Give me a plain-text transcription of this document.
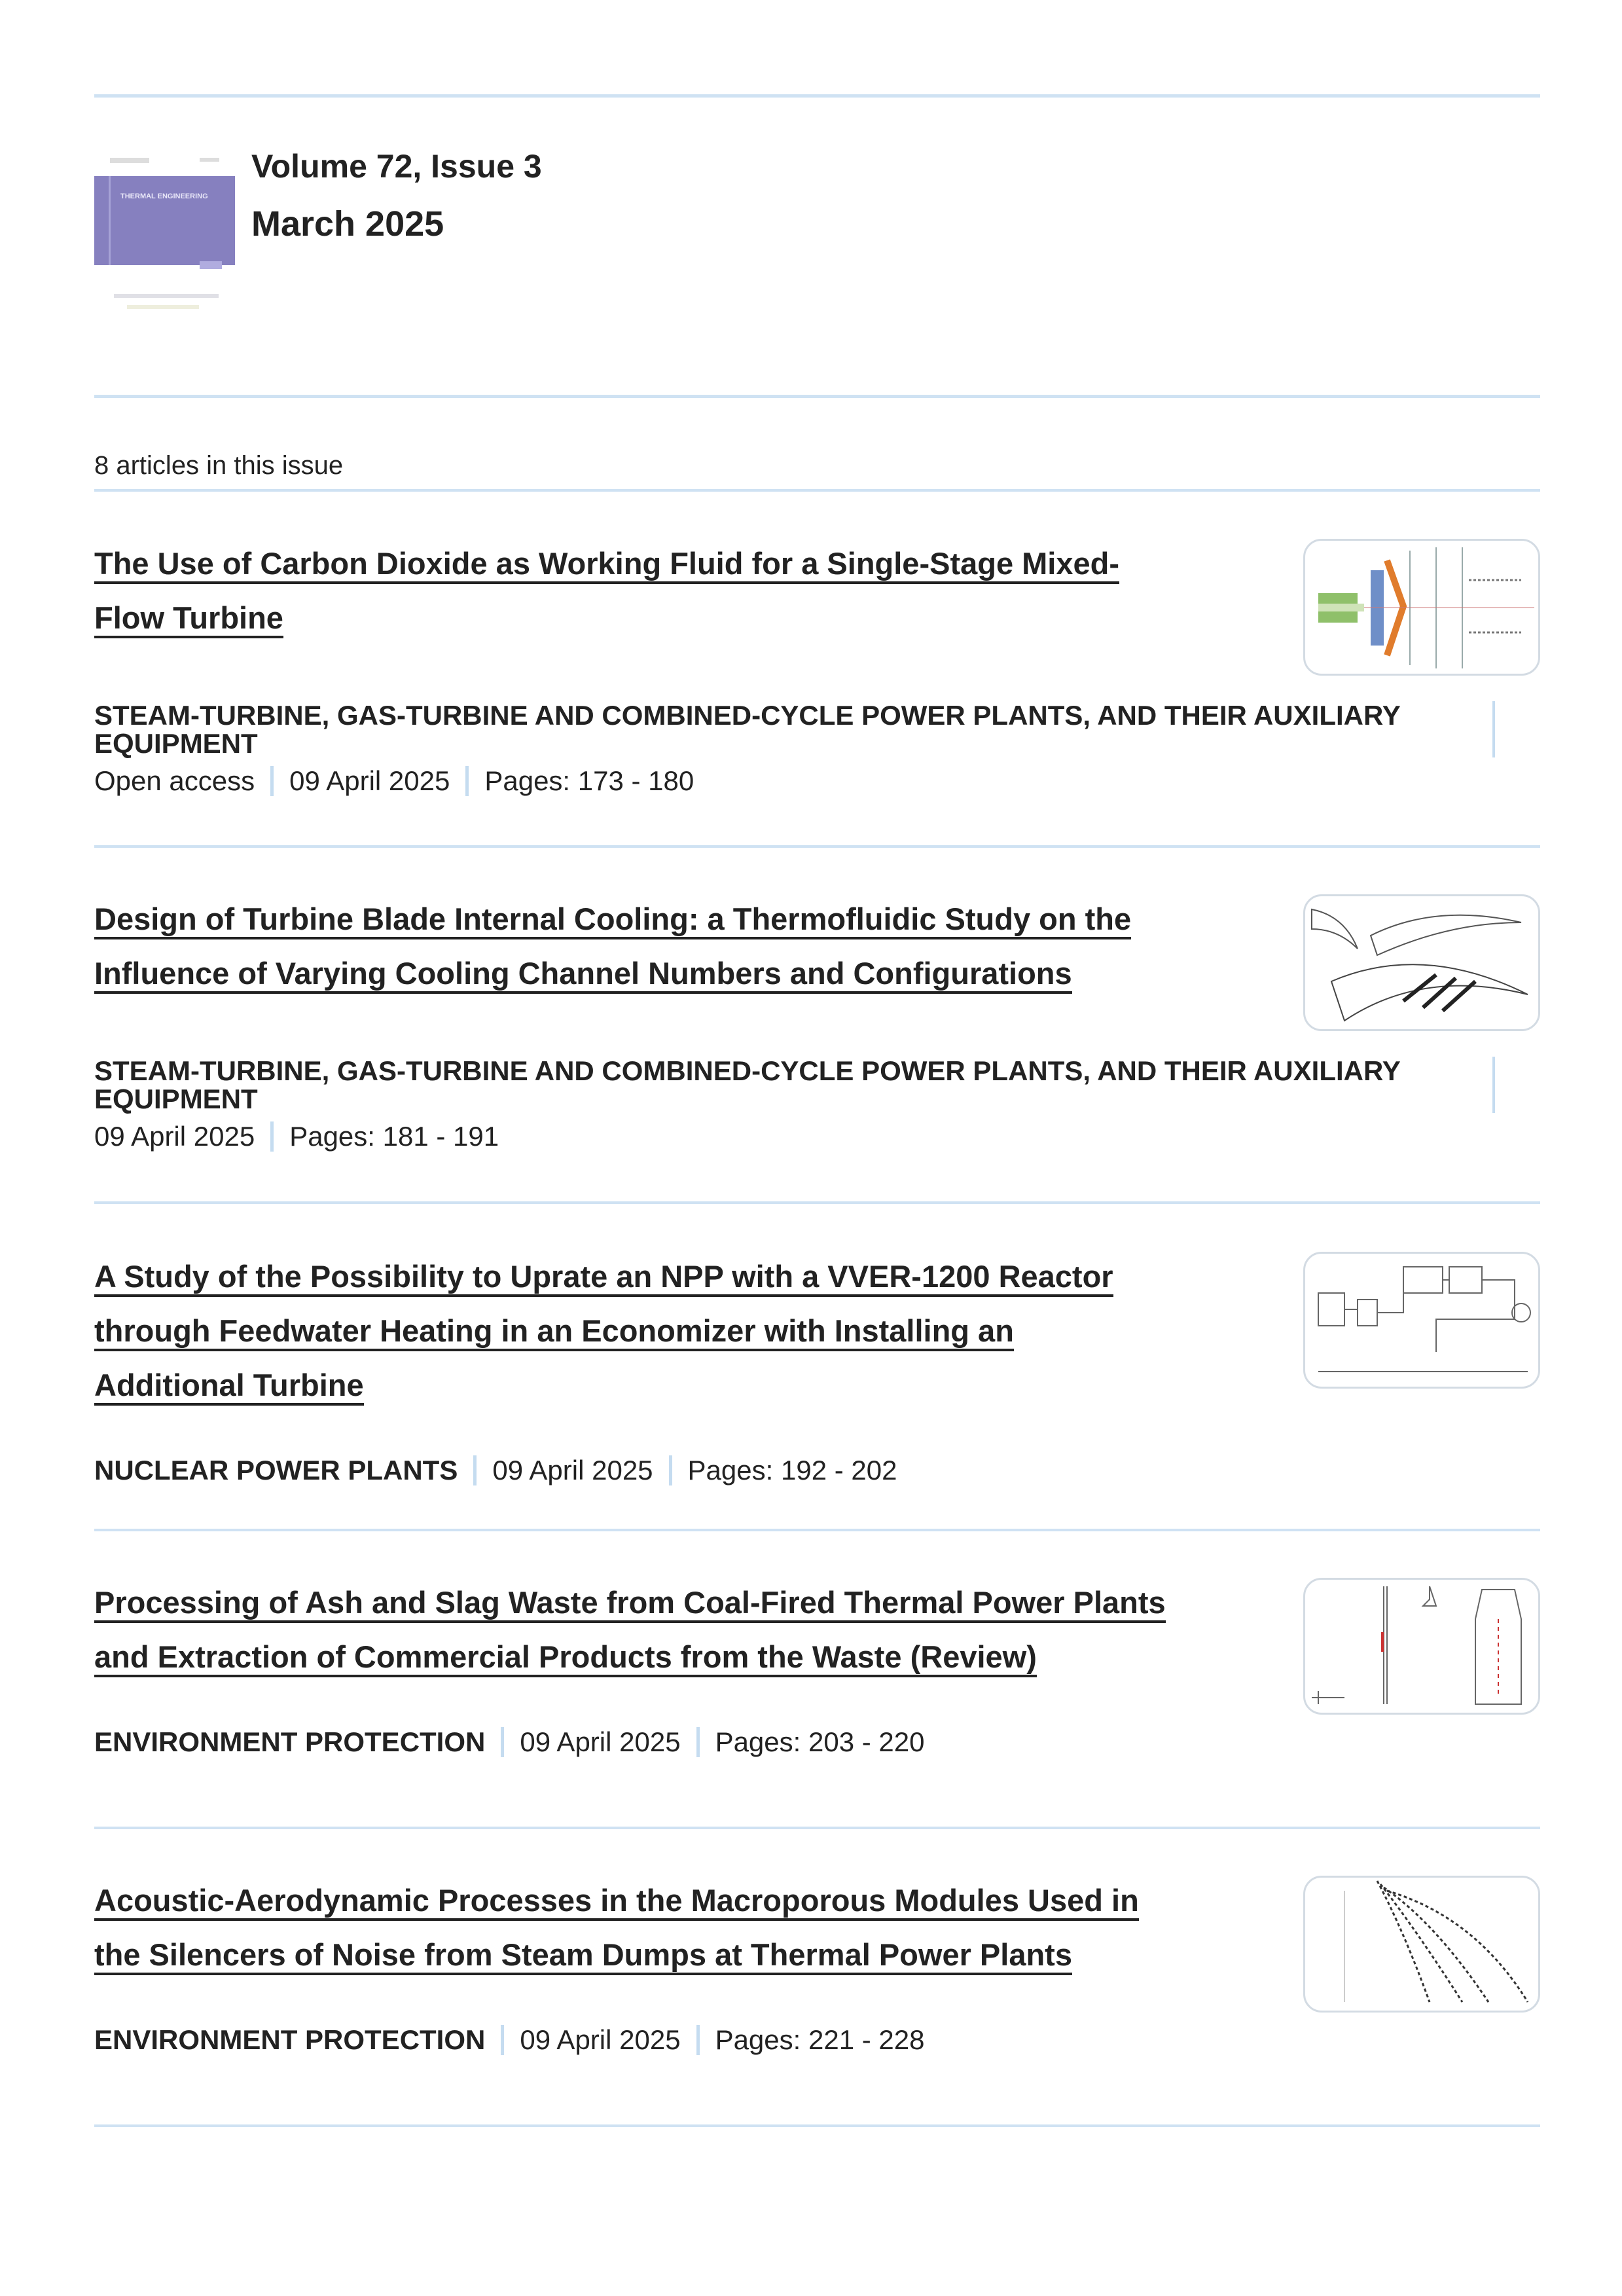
THERMAL ENGINEERING
Volume 72, Issue 3
March 2025
8 articles in this issue
The Use of Carbon Dioxide as Working Fluid for a Single-Stage Mixed-
Flow Turbine
STEAM-TURBINE, GAS-TURBINE AND COMBINED-CYCLE POWER PLANTS, AND THEIR AUXILIARY EQUIPMENT
Open access 09 April 2025 Pages: 173 - 180
Design of Turbine Blade Internal Cooling: a Thermofluidic Study on the
Influence of Varying Cooling Channel Numbers and Configurations
STEAM-TURBINE, GAS-TURBINE AND COMBINED-CYCLE POWER PLANTS, AND THEIR AUXILIARY EQUIPMENT
09 April 2025 Pages: 181 - 191
A Study of the Possibility to Uprate an NPP with a VVER-1200 Reactor
through Feedwater Heating in an Economizer with Installing an
Additional Turbine
NUCLEAR POWER PLANTS 09 April 2025 Pages: 192 - 202
Processing of Ash and Slag Waste from Coal-Fired Thermal Power Plants
and Extraction of Commercial Products from the Waste (Review)
ENVIRONMENT PROTECTION 09 April 2025 Pages: 203 - 220
Acoustic-Aerodynamic Processes in the Macroporous Modules Used in
the Silencers of Noise from Steam Dumps at Thermal Power Plants
ENVIRONMENT PROTECTION 09 April 2025 Pages: 221 - 228
